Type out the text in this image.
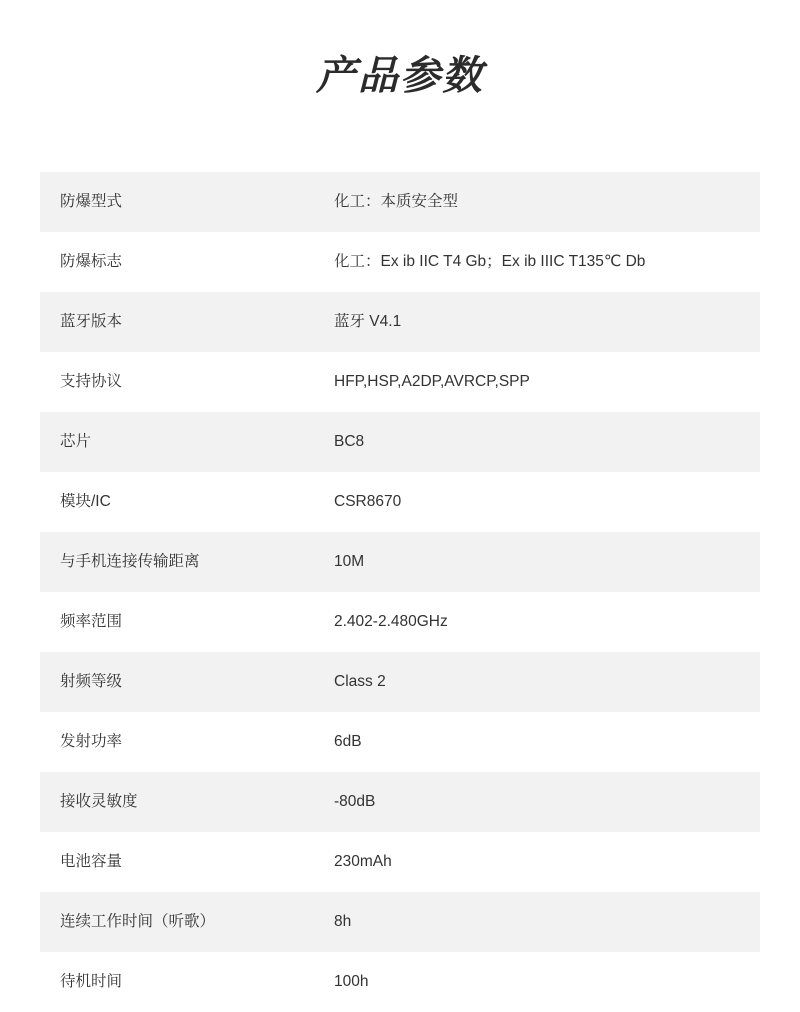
产品参数
防爆型式	化工：本质安全型
防爆标志	化工：Ex ib IIC T4 Gb；Ex ib IIIC T135℃ Db
蓝牙版本	蓝牙 V4.1
支持协议	HFP,HSP,A2DP,AVRCP,SPP
芯片	BC8
模块/IC	CSR8670
与手机连接传输距离	10M
频率范围	2.402-2.480GHz
射频等级	Class 2
发射功率	6dB
接收灵敏度	-80dB
电池容量	230mAh
连续工作时间（听歌）	8h
待机时间	100h
